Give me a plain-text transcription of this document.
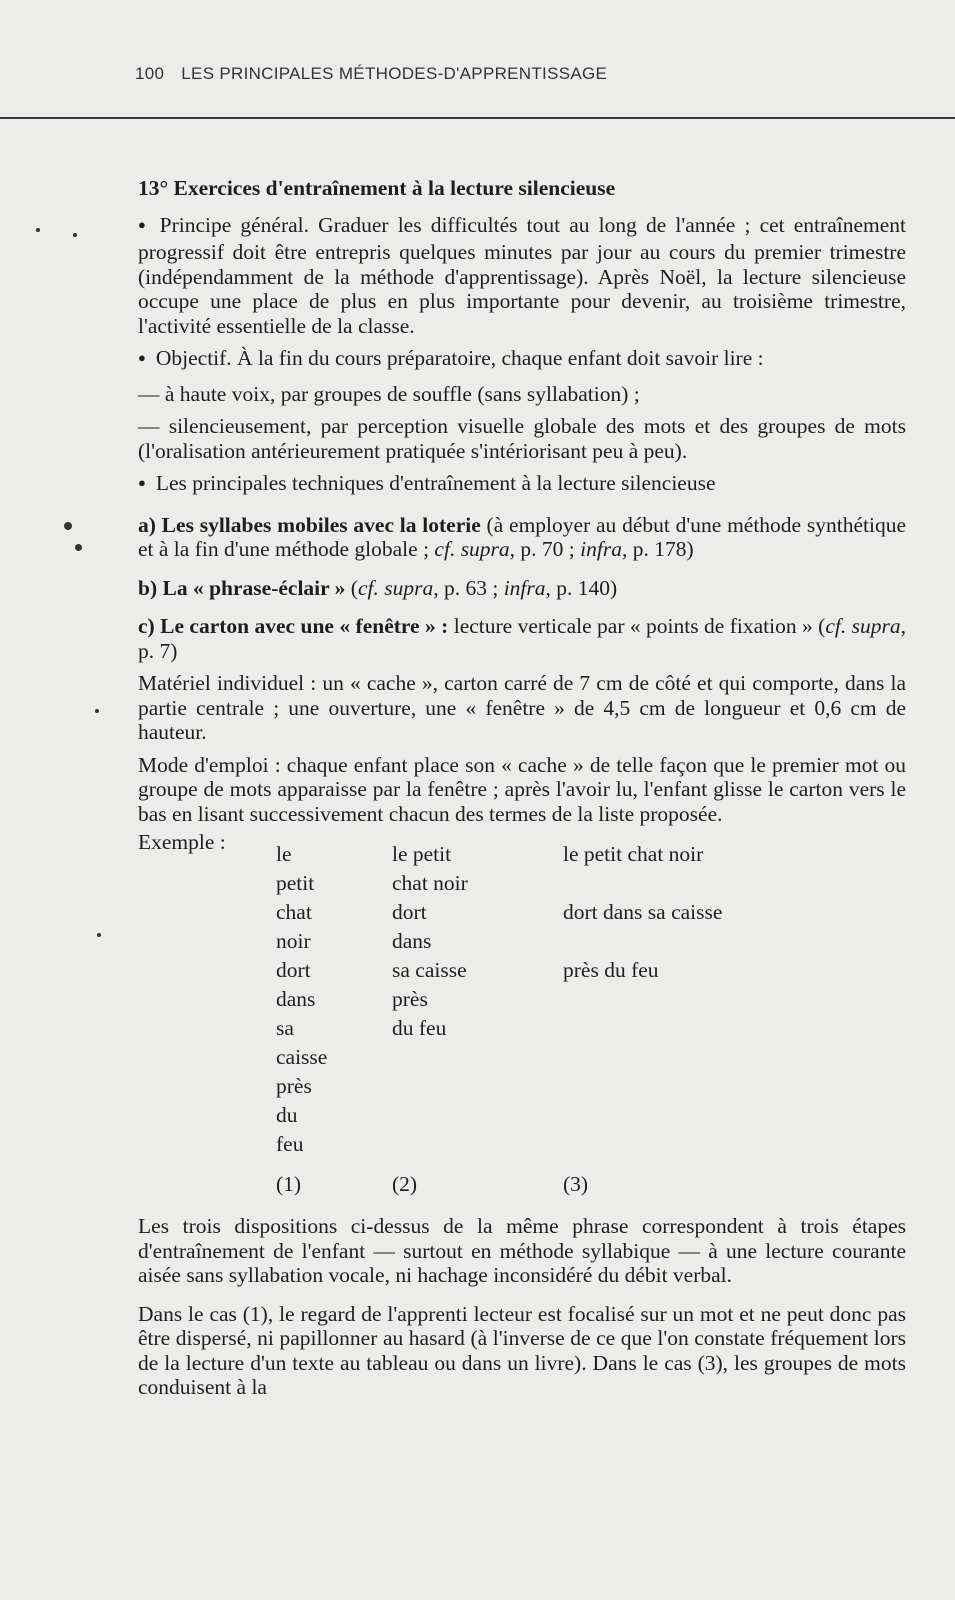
100 LES PRINCIPALES MÉTHODES-D'APPRENTISSAGE
13° Exercices d'entraînement à la lecture silencieuse

● Principe général. Graduer les difficultés tout au long de l'année ; cet entraînement progressif doit être entrepris quelques minutes par jour au cours du premier trimestre (indépendamment de la méthode d'apprentissage). Après Noël, la lecture silencieuse occupe une place de plus en plus importante pour devenir, au troisième trimestre, l'activité essentielle de la classe.

● Objectif. À la fin du cours préparatoire, chaque enfant doit savoir lire :

— à haute voix, par groupes de souffle (sans syllabation) ;

— silencieusement, par perception visuelle globale des mots et des groupes de mots (l'oralisation antérieurement pratiquée s'intériorisant peu à peu).

● Les principales techniques d'entraînement à la lecture silencieuse

a) Les syllabes mobiles avec la loterie (à employer au début d'une méthode synthétique et à la fin d'une méthode globale ; cf. supra, p. 70 ; infra, p. 178)

b) La « phrase-éclair » (cf. supra, p. 63 ; infra, p. 140)

c) Le carton avec une « fenêtre » : lecture verticale par « points de fixation » (cf. supra, p. 7)

Matériel individuel : un « cache », carton carré de 7 cm de côté et qui comporte, dans la partie centrale ; une ouverture, une « fenêtre » de 4,5 cm de longueur et 0,6 cm de hauteur.

Mode d'emploi : chaque enfant place son « cache » de telle façon que le premier mot ou groupe de mots apparaisse par la fenêtre ; après l'avoir lu, l'enfant glisse le carton vers le bas en lisant successivement chacun des termes de la liste proposée.

Exemple : le
petit
chat
noir
dort
dans
sa
caisse
près
du
feu
le petit
chat noir
dort
dans
sa caisse
près
du feu
le petit chat noir
dort dans sa caisse
près du feu
(1)	(2)	(3)

Les trois dispositions ci-dessus de la même phrase correspondent à trois étapes d'entraînement de l'enfant — surtout en méthode syllabique — à une lecture courante aisée sans syllabation vocale, ni hachage inconsidéré du débit verbal.

Dans le cas (1), le regard de l'apprenti lecteur est focalisé sur un mot et ne peut donc pas être dispersé, ni papillonner au hasard (à l'inverse de ce que l'on constate fréquement lors de la lecture d'un texte au tableau ou dans un livre). Dans le cas (3), les groupes de mots conduisent à la
